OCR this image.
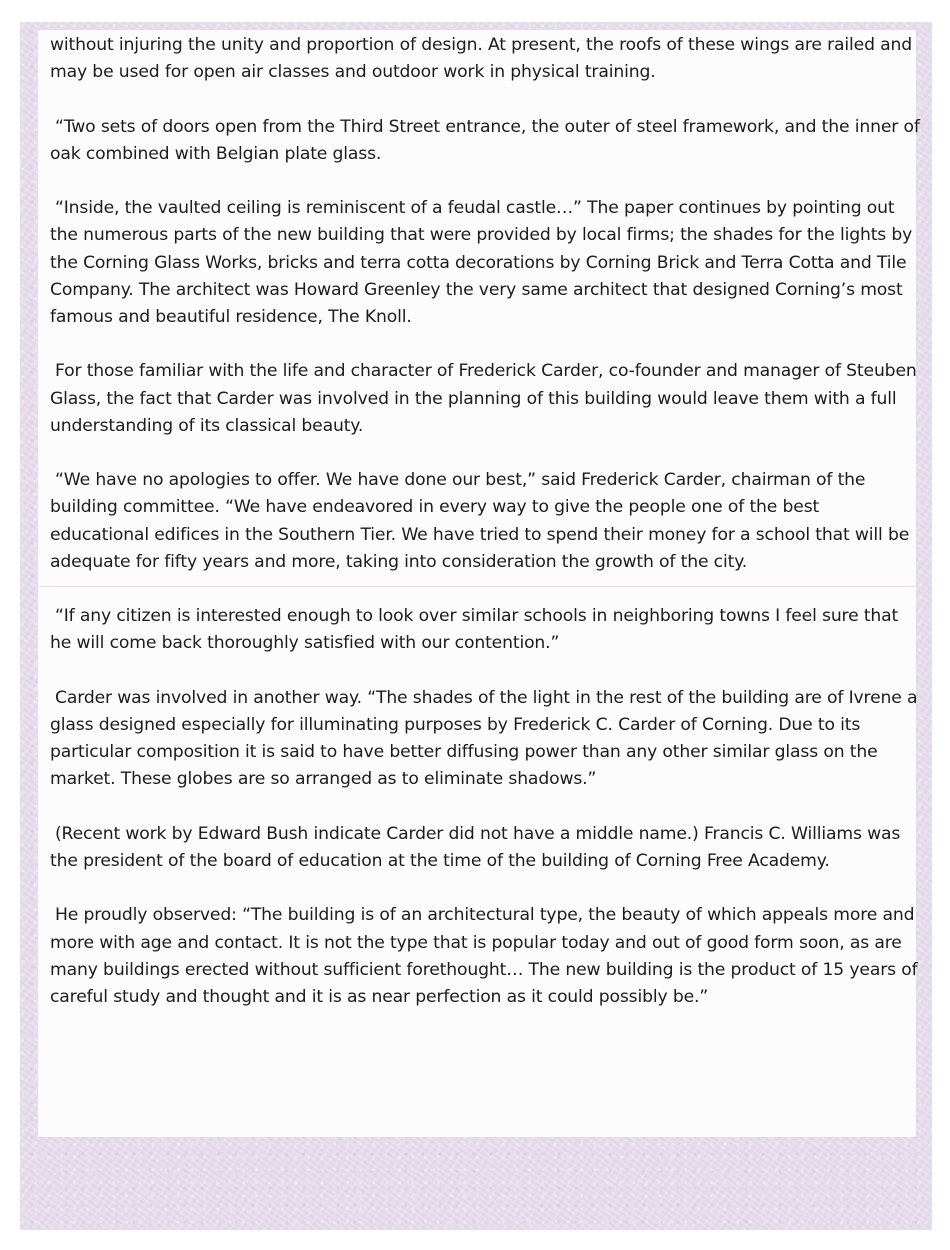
without injuring the unity and proportion of design. At present, the roofs of these wings are railed and may be used for open air classes and outdoor work in physical training.

“Two sets of doors open from the Third Street entrance, the outer of steel framework, and the inner of oak combined with Belgian plate glass.

“Inside, the vaulted ceiling is reminiscent of a feudal castle…” The paper continues by pointing out the numerous parts of the new building that were provided by local firms; the shades for the lights by the Corning Glass Works, bricks and terra cotta decorations by Corning Brick and Terra Cotta and Tile Company. The architect was Howard Greenley the very same architect that designed Corning’s most famous and beautiful residence, The Knoll.

For those familiar with the life and character of Frederick Carder, co-founder and manager of Steuben Glass, the fact that Carder was involved in the planning of this building would leave them with a full understanding of its classical beauty.

“We have no apologies to offer. We have done our best,” said Frederick Carder, chairman of the building committee. “We have endeavored in every way to give the people one of the best educational edifices in the Southern Tier. We have tried to spend their money for a school that will be adequate for fifty years and more, taking into consideration the growth of the city.

“If any citizen is interested enough to look over similar schools in neighboring towns I feel sure that he will come back thoroughly satisfied with our contention.”

Carder was involved in another way. “The shades of the light in the rest of the building are of Ivrene a glass designed especially for illuminating purposes by Frederick C. Carder of Corning. Due to its particular composition it is said to have better diffusing power than any other similar glass on the market. These globes are so arranged as to eliminate shadows.”

(Recent work by Edward Bush indicate Carder did not have a middle name.) Francis C. Williams was the president of the board of education at the time of the building of Corning Free Academy.

He proudly observed: “The building is of an architectural type, the beauty of which appeals more and more with age and contact. It is not the type that is popular today and out of good form soon, as are many buildings erected without sufficient forethought… The new building is the product of 15 years of careful study and thought and it is as near perfection as it could possibly be.”
